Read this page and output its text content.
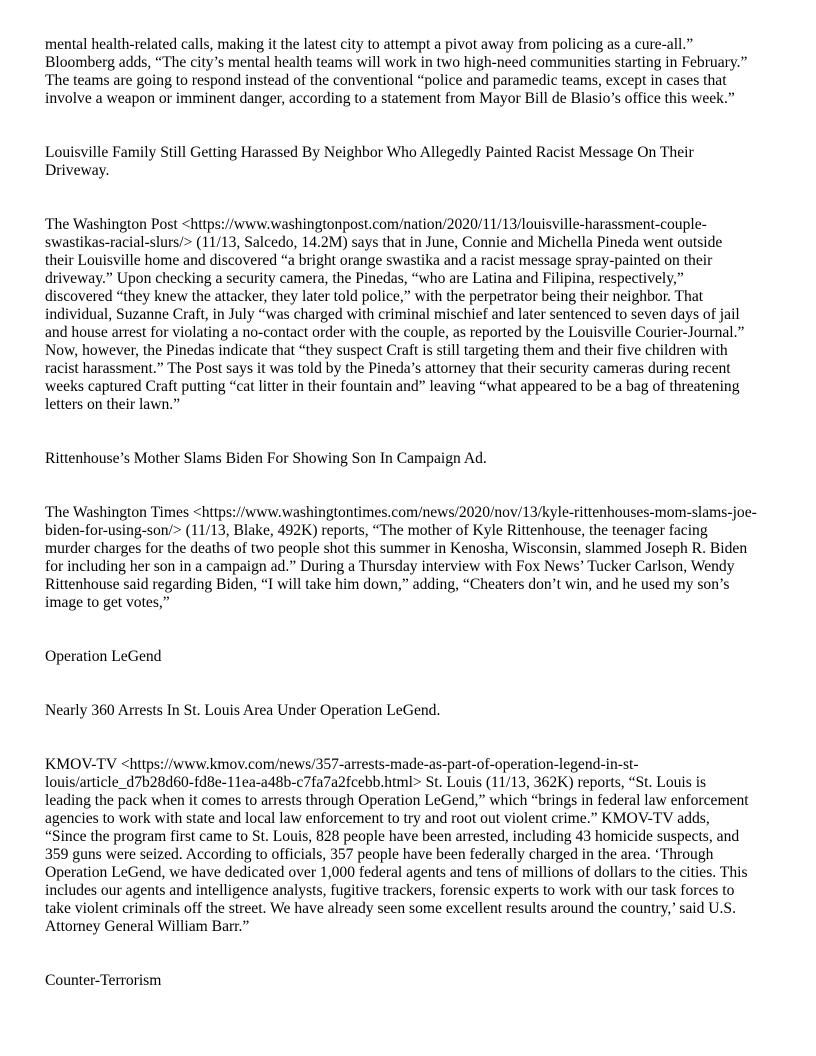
mental health-related calls, making it the latest city to attempt a pivot away from policing as a cure-all.”
Bloomberg adds, “The city’s mental health teams will work in two high-need communities starting in February.”
The teams are going to respond instead of the conventional “police and paramedic teams, except in cases that
involve a weapon or imminent danger, according to a statement from Mayor Bill de Blasio’s office this week.”
Louisville Family Still Getting Harassed By Neighbor Who Allegedly Painted Racist Message On Their
Driveway.
The Washington Post <https://www.washingtonpost.com/nation/2020/11/13/louisville-harassment-couple-
swastikas-racial-slurs/> (11/13, Salcedo, 14.2M) says that in June, Connie and Michella Pineda went outside
their Louisville home and discovered “a bright orange swastika and a racist message spray-painted on their
driveway.” Upon checking a security camera, the Pinedas, “who are Latina and Filipina, respectively,”
discovered “they knew the attacker, they later told police,” with the perpetrator being their neighbor. That
individual, Suzanne Craft, in July “was charged with criminal mischief and later sentenced to seven days of jail
and house arrest for violating a no-contact order with the couple, as reported by the Louisville Courier-Journal.”
Now, however, the Pinedas indicate that “they suspect Craft is still targeting them and their five children with
racist harassment.” The Post says it was told by the Pineda’s attorney that their security cameras during recent
weeks captured Craft putting “cat litter in their fountain and” leaving “what appeared to be a bag of threatening
letters on their lawn.”
Rittenhouse’s Mother Slams Biden For Showing Son In Campaign Ad.
The Washington Times <https://www.washingtontimes.com/news/2020/nov/13/kyle-rittenhouses-mom-slams-joe-
biden-for-using-son/> (11/13, Blake, 492K) reports, “The mother of Kyle Rittenhouse, the teenager facing
murder charges for the deaths of two people shot this summer in Kenosha, Wisconsin, slammed Joseph R. Biden
for including her son in a campaign ad.” During a Thursday interview with Fox News’ Tucker Carlson, Wendy
Rittenhouse said regarding Biden, “I will take him down,” adding, “Cheaters don’t win, and he used my son’s
image to get votes,”
Operation LeGend
Nearly 360 Arrests In St. Louis Area Under Operation LeGend.
KMOV-TV <https://www.kmov.com/news/357-arrests-made-as-part-of-operation-legend-in-st-
louis/article_d7b28d60-fd8e-11ea-a48b-c7fa7a2fcebb.html> St. Louis (11/13, 362K) reports, “St. Louis is
leading the pack when it comes to arrests through Operation LeGend,” which “brings in federal law enforcement
agencies to work with state and local law enforcement to try and root out violent crime.” KMOV-TV adds,
“Since the program first came to St. Louis, 828 people have been arrested, including 43 homicide suspects, and
359 guns were seized. According to officials, 357 people have been federally charged in the area. ‘Through
Operation LeGend, we have dedicated over 1,000 federal agents and tens of millions of dollars to the cities. This
includes our agents and intelligence analysts, fugitive trackers, forensic experts to work with our task forces to
take violent criminals off the street. We have already seen some excellent results around the country,’ said U.S.
Attorney General William Barr.”
Counter-Terrorism
